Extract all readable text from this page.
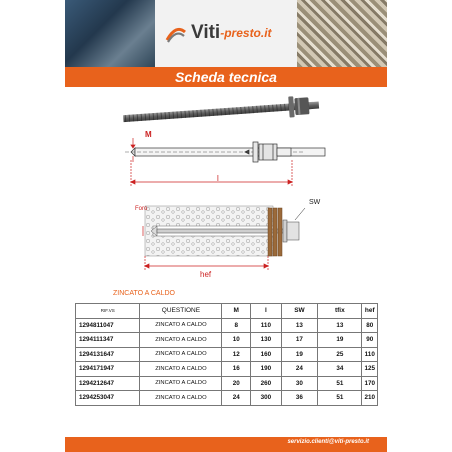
Viti -presto.it
Scheda tecnica
M
l
Foro
SW
hef
ZINCATO A CALDO
RIF.VS	QUESTIONE	M	l	SW	tfix	hef
1294811047	ZINCATO A CALDO	8	110	13	13	80
1294111347	ZINCATO A CALDO	10	130	17	19	90
1294131647	ZINCATO A CALDO	12	160	19	25	110
1294171947	ZINCATO A CALDO	16	190	24	34	125
1294212647	ZINCATO A CALDO	20	260	30	51	170
1294253047	ZINCATO A CALDO	24	300	36	51	210
servizio.clienti@viti-presto.it
